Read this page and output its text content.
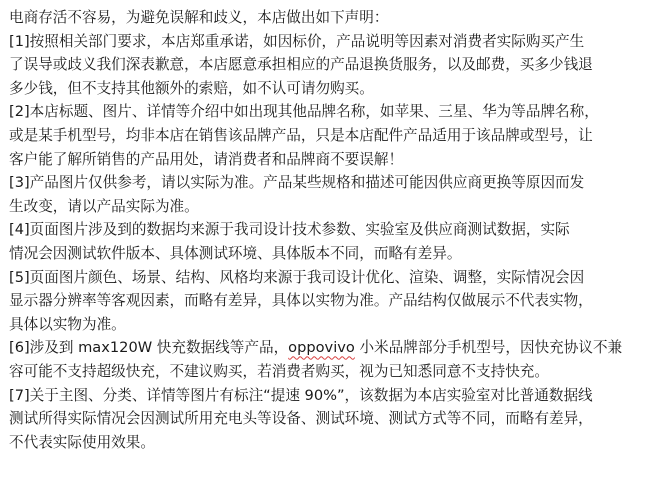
电商存活不容易，为避免误解和歧义，本店做出如下声明：
[1]按照相关部门要求，本店郑重承诺，如因标价，产品说明等因素对消费者实际购买产生
了误导或歧义我们深表歉意，本店愿意承担相应的产品退换货服务，以及邮费，买多少钱退
多少钱，但不支持其他额外的索赔，如不认可请勿购买。
[2]本店标题、图片、详情等介绍中如出现其他品牌名称，如苹果、三星、华为等品牌名称，
或是某手机型号，均非本店在销售该品牌产品，只是本店配件产品适用于该品牌或型号，让
客户能了解所销售的产品用处，请消费者和品牌商不要误解！
[3]产品图片仅供参考，请以实际为准。产品某些规格和描述可能因供应商更换等原因而发
生改变，请以产品实际为准。
[4]页面图片涉及到的数据均来源于我司设计技术参数、实验室及供应商测试数据，实际
情况会因测试软件版本、具体测试环境、具体版本不同，而略有差异。
[5]页面图片颜色、场景、结构、风格均来源于我司设计优化、渲染、调整，实际情况会因
显示器分辨率等客观因素，而略有差异，具体以实物为准。产品结构仅做展示不代表实物，
具体以实物为准。
[6]涉及到 max120W 快充数据线等产品，oppovivo 小米品牌部分手机型号，因快充协议不兼
容可能不支持超级快充，不建议购买，若消费者购买，视为已知悉同意不支持快充。
[7]关于主图、分类、详情等图片有标注“提速 90%”，该数据为本店实验室对比普通数据线
测试所得实际情况会因测试所用充电头等设备、测试环境、测试方式等不同，而略有差异，
不代表实际使用效果。
